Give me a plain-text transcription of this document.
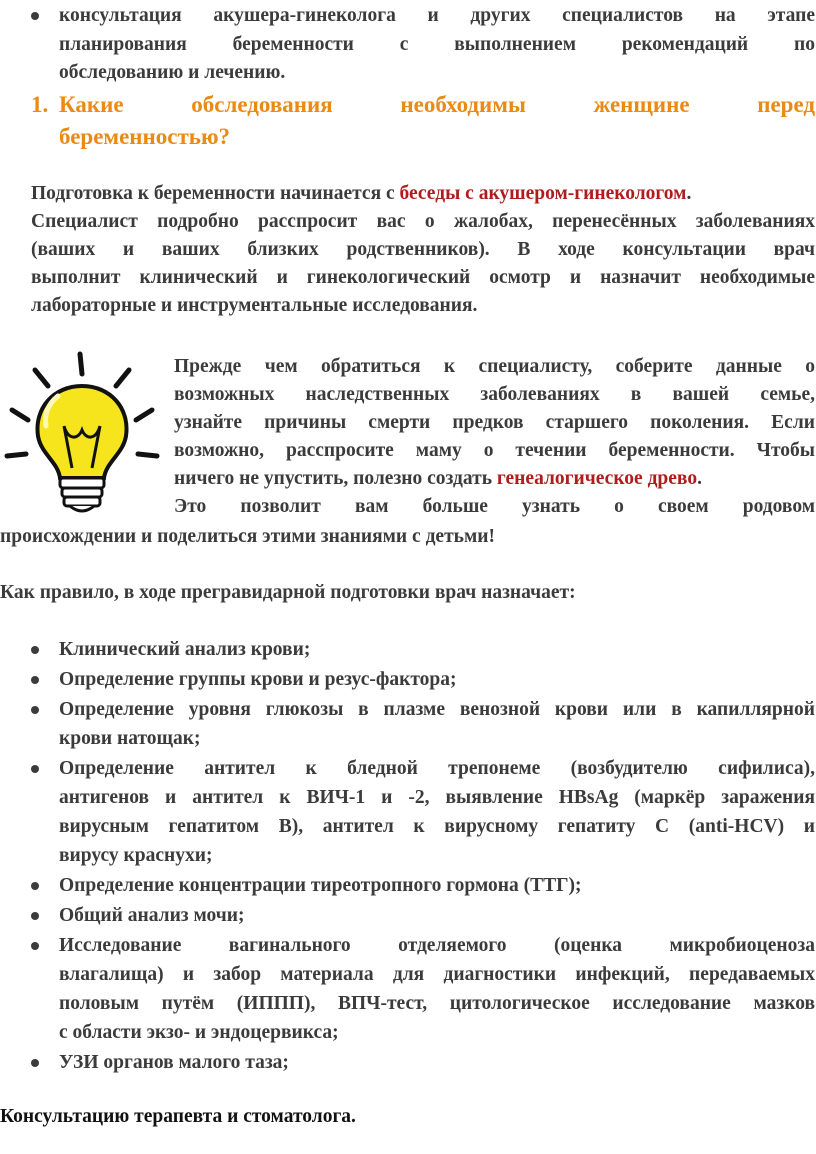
консультация акушера-гинеколога и других специалистов на этапе
планирования беременности с выполнением рекомендаций по
обследованию и лечению.
1. Какие обследования необходимы женщине перед
беременностью?
Подготовка к беременности начинается с беседы с акушером-гинекологом.
Специалист подробно расспросит вас о жалобах, перенесённых заболеваниях
(ваших и ваших близких родственников). В ходе консультации врач
выполнит клинический и гинекологический осмотр и назначит необходимые
лабораторные и инструментальные исследования.
Прежде чем обратиться к специалисту, соберите данные о
возможных наследственных заболеваниях в вашей семье,
узнайте причины смерти предков старшего поколения. Если
возможно, расспросите маму о течении беременности. Чтобы
ничего не упустить, полезно создать генеалогическое древо.
Это позволит вам больше узнать о своем родовом
происхождении и поделиться этими знаниями с детьми!
Как правило, в ходе прегравидарной подготовки врач назначает:
Клинический анализ крови;
Определение группы крови и резус-фактора;
Определение уровня глюкозы в плазме венозной крови или в капиллярной
крови натощак;
Определение антител к бледной трепонеме (возбудителю сифилиса),
антигенов и антител к ВИЧ-1 и -2, выявление HBsAg (маркёр заражения
вирусным гепатитом B), антител к вирусному гепатиту C (anti-HCV) и
вирусу краснухи;
Определение концентрации тиреотропного гормона (ТТГ);
Общий анализ мочи;
Исследование вагинального отделяемого (оценка микробиоценоза
влагалища) и забор материала для диагностики инфекций, передаваемых
половым путём (ИППП), ВПЧ-тест, цитологическое исследование мазков
с области экзо- и эндоцервикса;
УЗИ органов малого таза;
Консультацию терапевта и стоматолога.
